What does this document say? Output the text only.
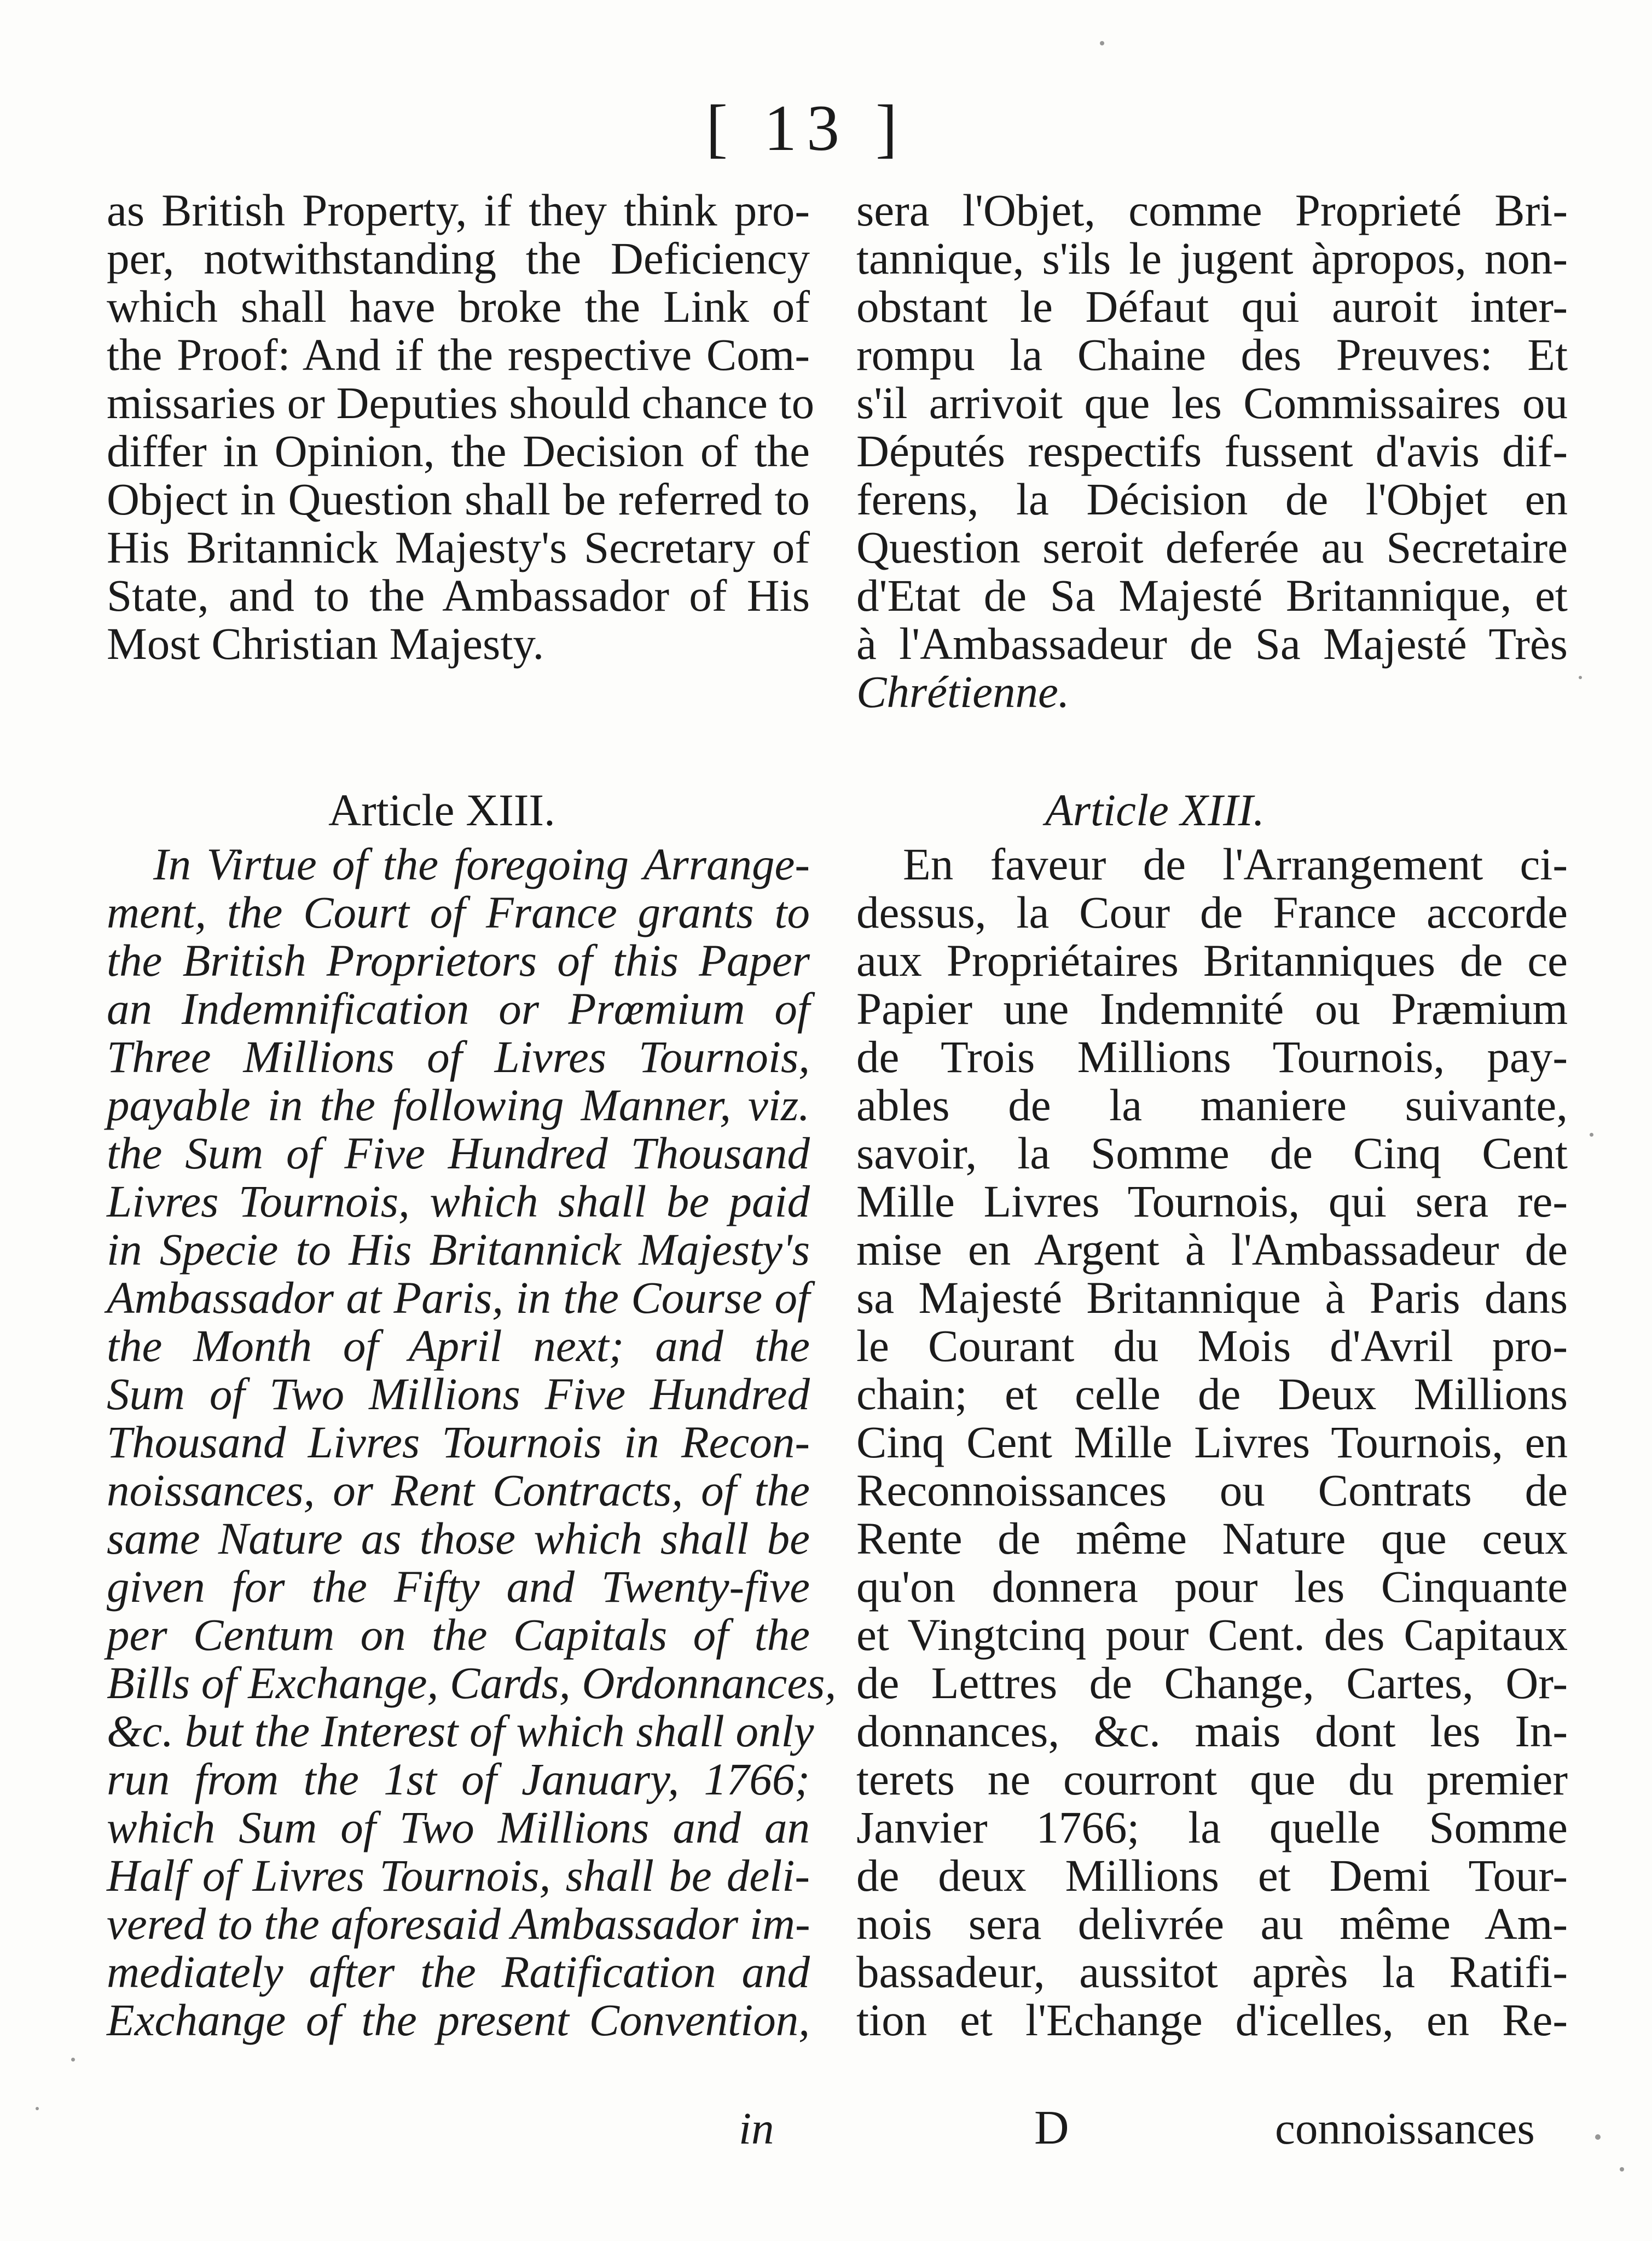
[ 13 ]
as British Property, if they think pro-
per, notwithstanding the Deficiency
which shall have broke the Link of
the Proof: And if the respective Com-
missaries or Deputies should chance to
differ in Opinion, the Decision of the
Object in Question shall be referred to
His Britannick Majesty's Secretary of
State, and to the Ambassador of His
Most Christian Majesty.
sera l'Objet, comme Proprieté Bri-
tannique, s'ils le jugent àpropos, non-
obstant le Défaut qui auroit inter-
rompu la Chaine des Preuves: Et
s'il arrivoit que les Commissaires ou
Députés respectifs fussent d'avis dif-
ferens, la Décision de l'Objet en
Question seroit deferée au Secretaire
d'Etat de Sa Majesté Britannique, et
à l'Ambassadeur de Sa Majesté Très
Chrétienne.
Article XIII.	Article XIII.
In Virtue of the foregoing Arrange-
ment, the Court of France grants to
the British Proprietors of this Paper
an Indemnification or Prœmium of
Three Millions of Livres Tournois,
payable in the following Manner, viz.
the Sum of Five Hundred Thousand
Livres Tournois, which shall be paid
in Specie to His Britannick Majesty's
Ambassador at Paris, in the Course of
the Month of April next; and the
Sum of Two Millions Five Hundred
Thousand Livres Tournois in Recon-
noissances, or Rent Contracts, of the
same Nature as those which shall be
given for the Fifty and Twenty-five
per Centum on the Capitals of the
Bills of Exchange, Cards, Ordonnances,
&c. but the Interest of which shall only
run from the 1st of January, 1766;
which Sum of Two Millions and an
Half of Livres Tournois, shall be deli-
vered to the aforesaid Ambassador im-
mediately after the Ratification and
Exchange of the present Convention,
En faveur de l'Arrangement ci-
dessus, la Cour de France accorde
aux Propriétaires Britanniques de ce
Papier une Indemnité ou Præmium
de Trois Millions Tournois, pay-
ables de la maniere suivante,
savoir, la Somme de Cinq Cent
Mille Livres Tournois, qui sera re-
mise en Argent à l'Ambassadeur de
sa Majesté Britannique à Paris dans
le Courant du Mois d'Avril pro-
chain; et celle de Deux Millions
Cinq Cent Mille Livres Tournois, en
Reconnoissances ou Contrats de
Rente de même Nature que ceux
qu'on donnera pour les Cinquante
et Vingtcinq pour Cent. des Capitaux
de Lettres de Change, Cartes, Or-
donnances, &c. mais dont les In-
terets ne courront que du premier
Janvier 1766; la quelle Somme
de deux Millions et Demi Tour-
nois sera delivrée au même Am-
bassadeur, aussitot après la Ratifi-
tion et l'Echange d'icelles, en Re-
in	D	connoissances
